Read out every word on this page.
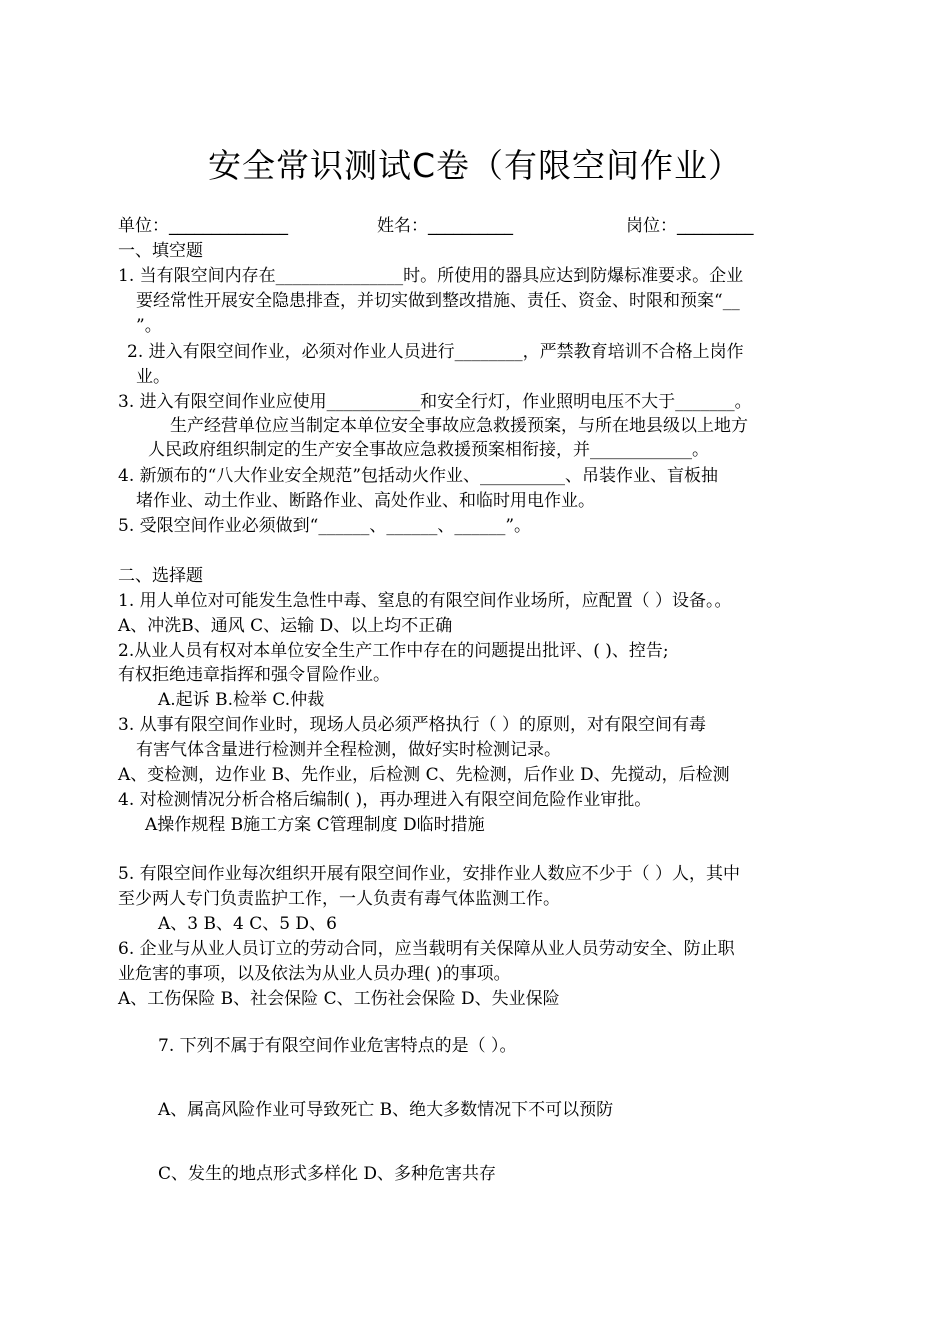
安全常识测试C卷（有限空间作业）
单位：______________	姓名：__________	岗位：_________
一、填空题
1. 当有限空间内存在_______________时。所使用的器具应达到防爆标准要求。企业
要经常性开展安全隐患排查，并切实做到整改措施、责任、资金、时限和预案“__
”。
2. 进入有限空间作业，必须对作业人员进行________，严禁教育培训不合格上岗作
业。
3. 进入有限空间作业应使用___________和安全行灯，作业照明电压不大于_______。
生产经营单位应当制定本单位安全事故应急救援预案，与所在地县级以上地方
人民政府组织制定的生产安全事故应急救援预案相衔接，并____________。
4. 新颁布的“八大作业安全规范”包括动火作业、__________、吊装作业、盲板抽
堵作业、动土作业、断路作业、高处作业、和临时用电作业。
5. 受限空间作业必须做到“______、______、______”。
二、选择题
1. 用人单位对可能发生急性中毒、窒息的有限空间作业场所，应配置（ ）设备。。
A、冲洗B、通风 C、运输 D、以上均不正确
2.从业人员有权对本单位安全生产工作中存在的问题提出批评、( )、控告;
有权拒绝违章指挥和强令冒险作业。
A.起诉 B.检举 C.仲裁
3. 从事有限空间作业时，现场人员必须严格执行（ ）的原则，对有限空间有毒
有害气体含量进行检测并全程检测，做好实时检测记录。
A、变检测，边作业 B、先作业，后检测 C、先检测，后作业 D、先搅动，后检测
4. 对检测情况分析合格后编制( )，再办理进入有限空间危险作业审批。
A操作规程 B施工方案 C管理制度 D临时措施
5. 有限空间作业每次组织开展有限空间作业，安排作业人数应不少于（ ）人，其中
至少两人专门负责监护工作，一人负责有毒气体监测工作。
A、3 B、4 C、5 D、6
6. 企业与从业人员订立的劳动合同，应当载明有关保障从业人员劳动安全、防止职
业危害的事项，以及依法为从业人员办理( )的事项。
A、工伤保险 B、社会保险 C、工伤社会保险 D、失业保险
7. 下列不属于有限空间作业危害特点的是（ ）。
A、属高风险作业可导致死亡 B、绝大多数情况下不可以预防
C、发生的地点形式多样化 D、多种危害共存
